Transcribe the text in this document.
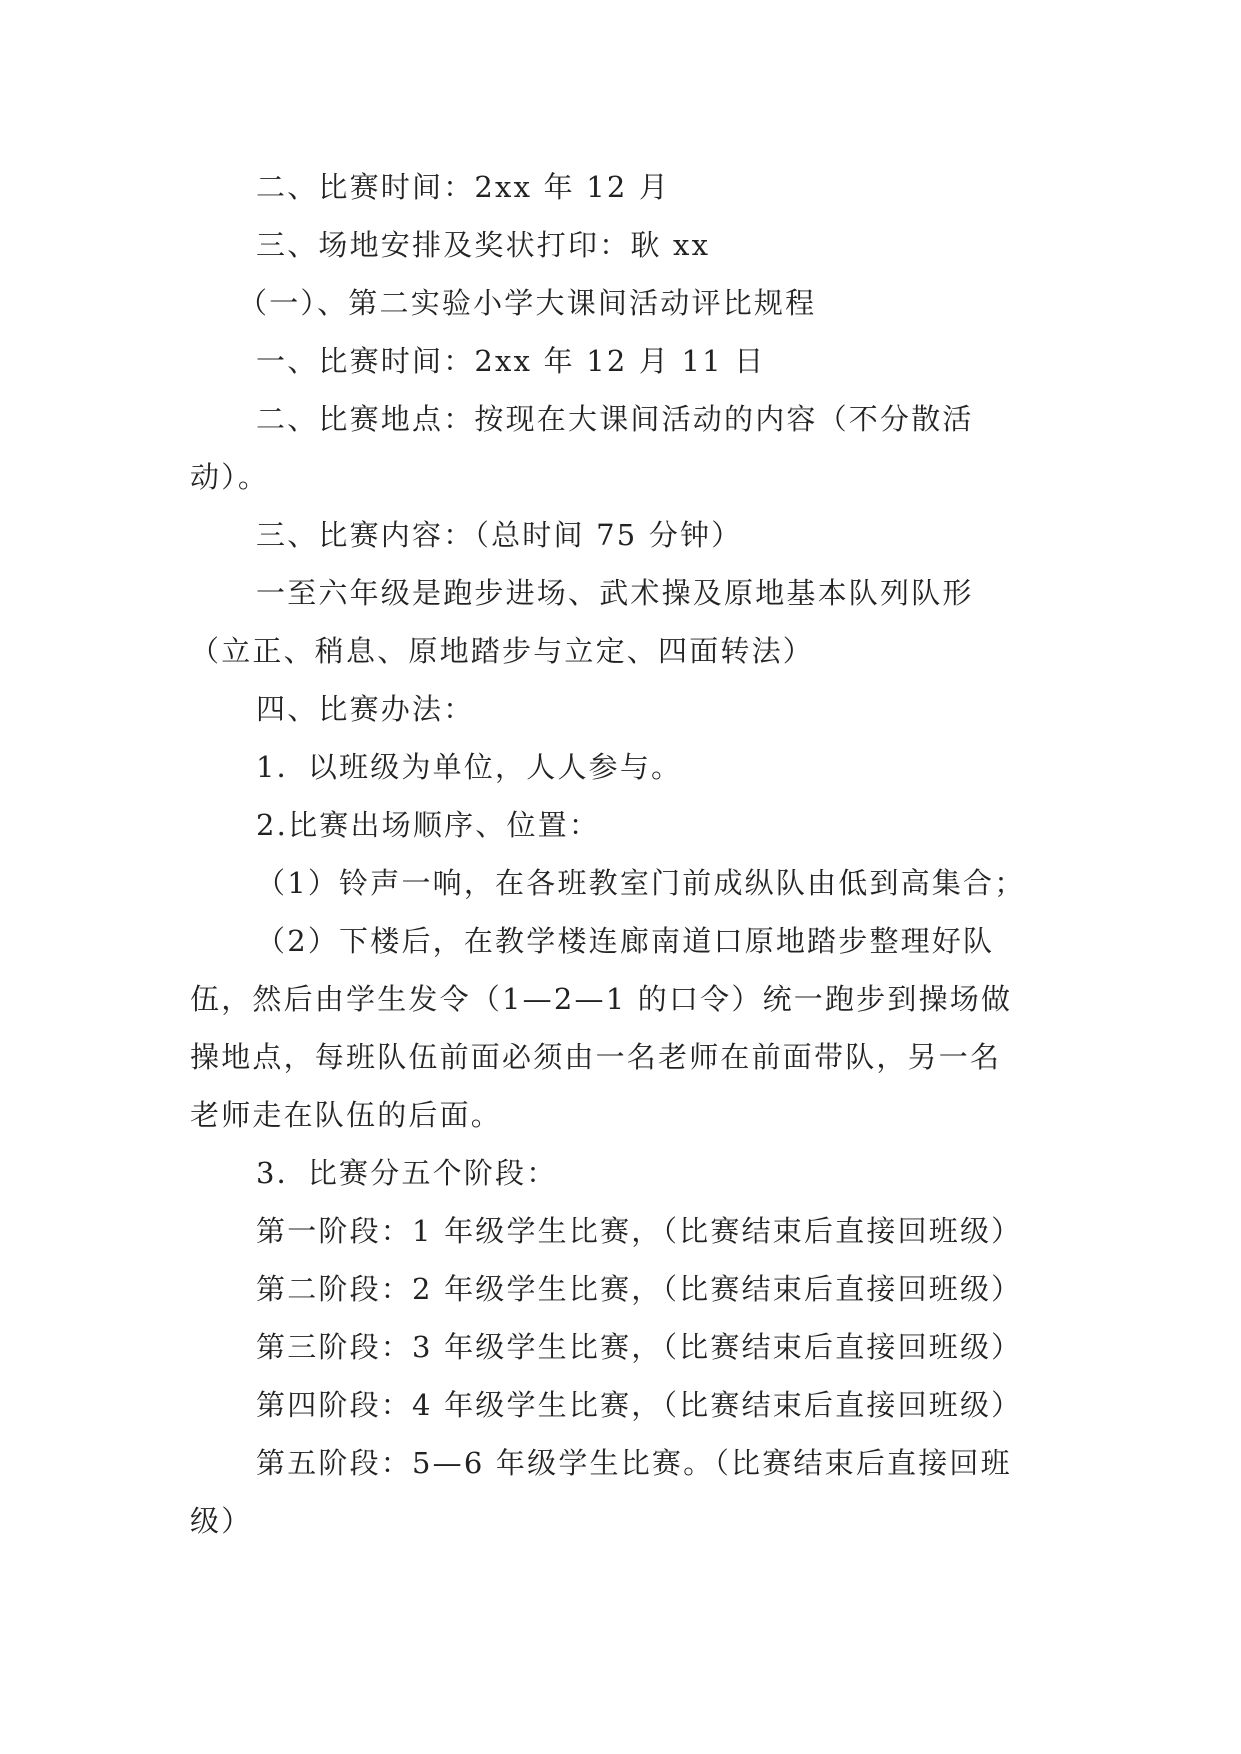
二、比赛时间：2xx 年 12 月
三、场地安排及奖状打印：耿 xx
（一）、第二实验小学大课间活动评比规程
一、比赛时间：2xx 年 12 月 11 日
二、比赛地点：按现在大课间活动的内容（不分散活
动）。
三、比赛内容：（总时间 75 分钟）
一至六年级是跑步进场、武术操及原地基本队列队形
（立正、稍息、原地踏步与立定、四面转法）
四、比赛办法：
1．以班级为单位，人人参与。
2.比赛出场顺序、位置：
（1）铃声一响，在各班教室门前成纵队由低到高集合；
（2）下楼后，在教学楼连廊南道口原地踏步整理好队
伍，然后由学生发令（1—2—1 的口令）统一跑步到操场做
操地点，每班队伍前面必须由一名老师在前面带队，另一名
老师走在队伍的后面。
3．比赛分五个阶段：
第一阶段：1 年级学生比赛，（比赛结束后直接回班级）
第二阶段：2 年级学生比赛，（比赛结束后直接回班级）
第三阶段：3 年级学生比赛，（比赛结束后直接回班级）
第四阶段：4 年级学生比赛，（比赛结束后直接回班级）
第五阶段：5—6 年级学生比赛。（比赛结束后直接回班
级）
